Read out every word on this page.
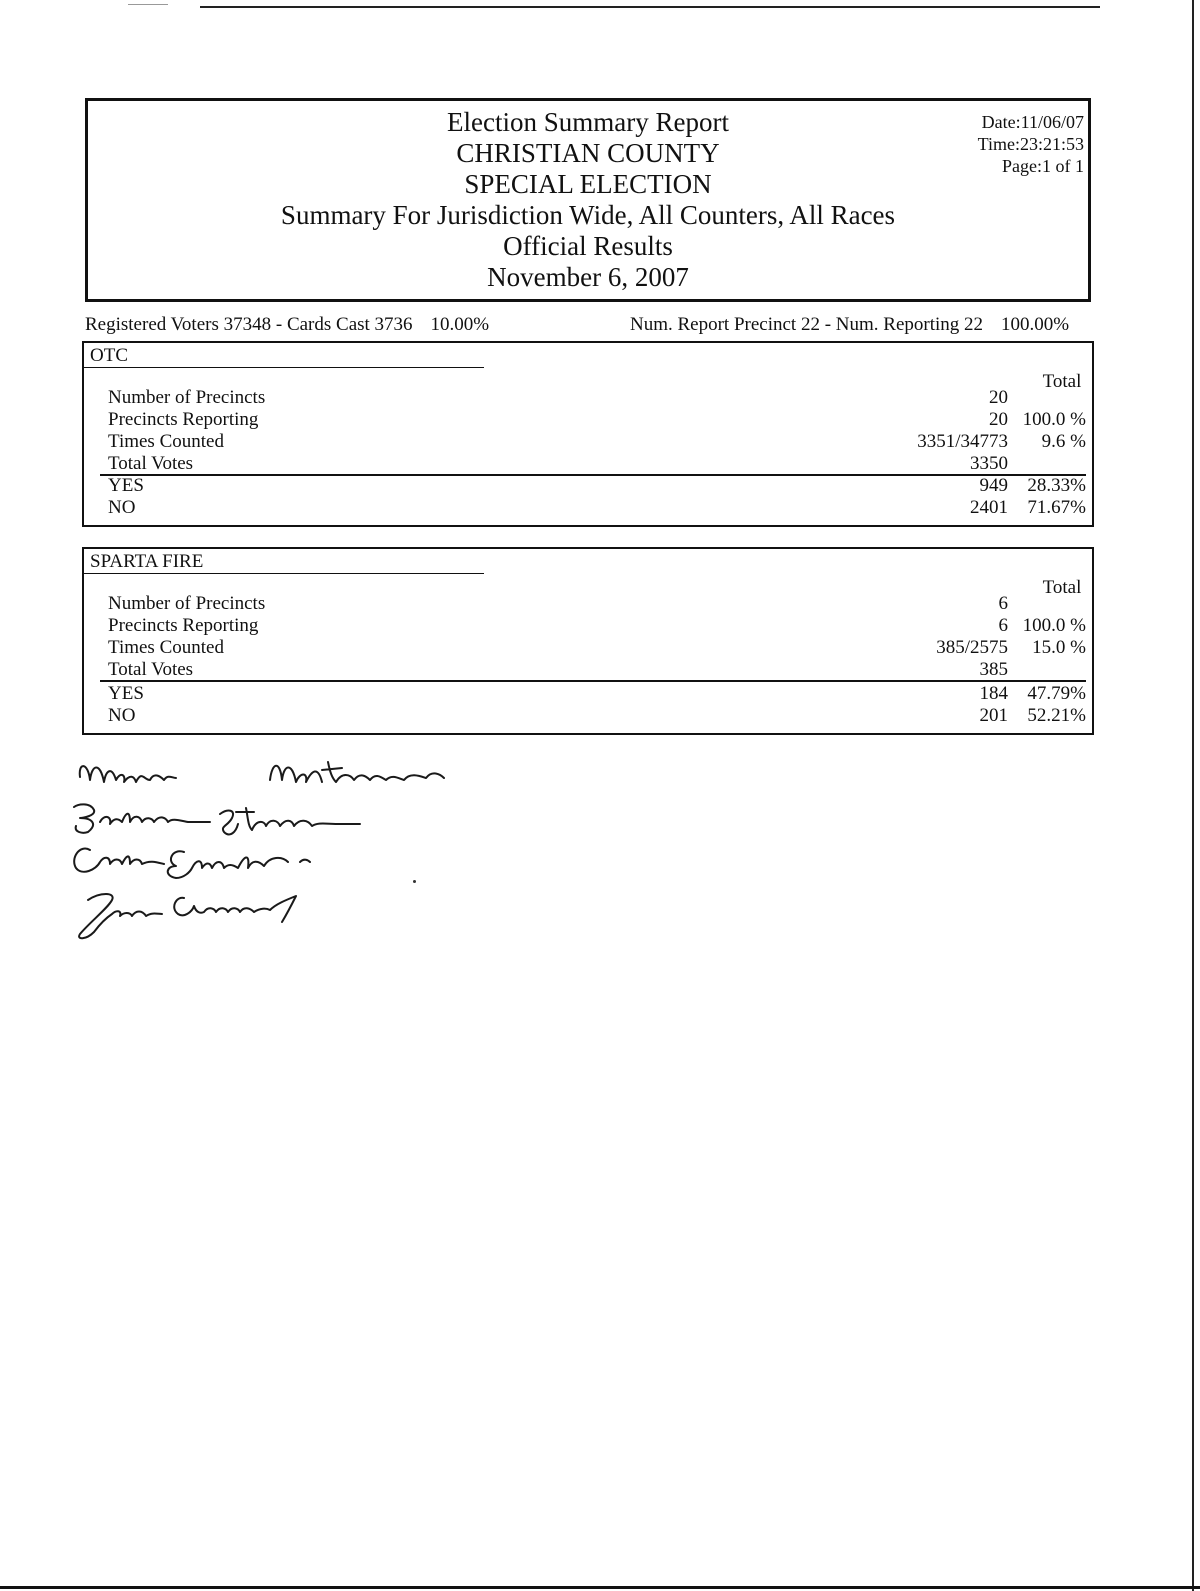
Election Summary Report
CHRISTIAN COUNTY
SPECIAL ELECTION
Summary For Jurisdiction Wide, All Counters, All Races
Official Results
November 6, 2007
Date:11/06/07
Time:23:21:53
Page:1 of 1
Registered Voters 37348 - Cards Cast 3736 10.00%	Num. Report Precinct 22 - Num. Reporting 22 100.00%
OTC
Total
Number of Precincts	20
Precincts Reporting	20 100.0 %
Times Counted	3351/34773 9.6 %
Total Votes	3350
YES	949 28.33%
NO	2401 71.67%
SPARTA FIRE
Total
Number of Precincts	6
Precincts Reporting	6 100.0 %
Times Counted	385/2575 15.0 %
Total Votes	385
YES	184 47.79%
NO	201 52.21%
